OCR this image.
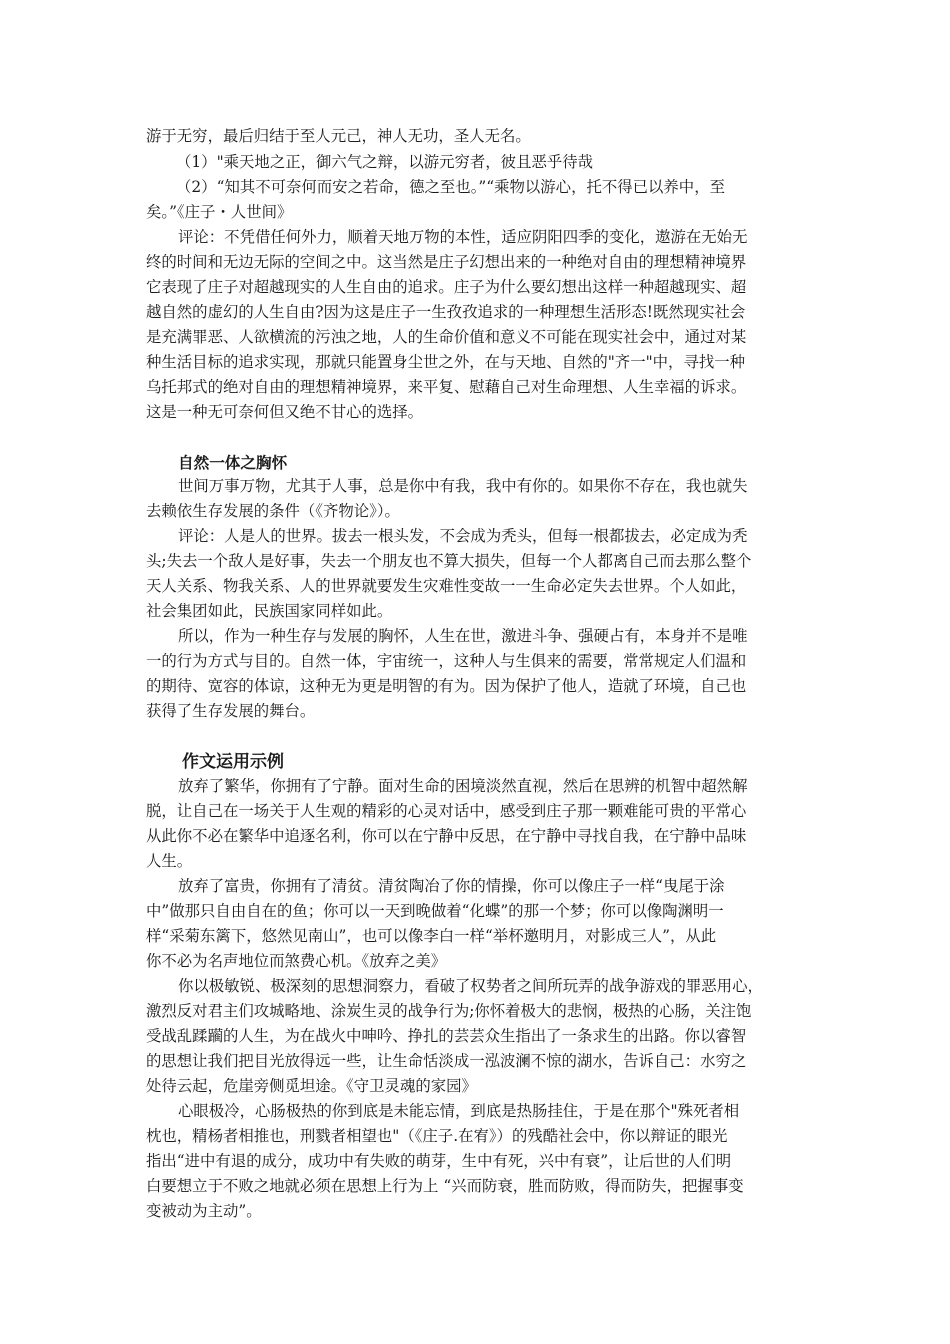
游于无穷，最后归结于至人元己，神人无功，圣人无名。
（1）"乘天地之正，御六气之辩，以游元穷者，彼且恶乎待哉
（2）“知其不可奈何而安之若命，德之至也。”“乘物以游心，托不得已以养中，至
矣。”《庄子・人世间》
评论：不凭借任何外力，顺着天地万物的本性，适应阴阳四季的变化，遨游在无始无
终的时间和无边无际的空间之中。这当然是庄子幻想出来的一种绝对自由的理想精神境界
它表现了庄子对超越现实的人生自由的追求。庄子为什么要幻想出这样一种超越现实、超
越自然的虚幻的人生自由?因为这是庄子一生孜孜追求的一种理想生活形态!既然现实社会
是充满罪恶、人欲横流的污浊之地，人的生命价值和意义不可能在现实社会中，通过对某
种生活目标的追求实现，那就只能置身尘世之外，在与天地、自然的"齐一"中，寻找一种
乌托邦式的绝对自由的理想精神境界，来平复、慰藉自己对生命理想、人生幸福的诉求。
这是一种无可奈何但又绝不甘心的选择。
自然一体之胸怀
世间万事万物，尤其于人事，总是你中有我，我中有你的。如果你不存在，我也就失
去赖依生存发展的条件（《齐物论》）。
评论：人是人的世界。拔去一根头发，不会成为秃头，但每一根都拔去，必定成为秃
头;失去一个敌人是好事，失去一个朋友也不算大损失，但每一个人都离自己而去那么整个
天人关系、物我关系、人的世界就要发生灾难性变故一一生命必定失去世界。个人如此，
社会集团如此，民族国家同样如此。
所以，作为一种生存与发展的胸怀，人生在世，激进斗争、强硬占有，本身并不是唯
一的行为方式与目的。自然一体，宇宙统一，这种人与生俱来的需要，常常规定人们温和
的期待、宽容的体谅，这种无为更是明智的有为。因为保护了他人，造就了环境，自己也
获得了生存发展的舞台。
作文运用示例
放弃了繁华，你拥有了宁静。面对生命的困境淡然直视，然后在思辨的机智中超然解
脱，让自己在一场关于人生观的精彩的心灵对话中，感受到庄子那一颗难能可贵的平常心
从此你不必在繁华中追逐名利，你可以在宁静中反思，在宁静中寻找自我，在宁静中品味
人生。
放弃了富贵，你拥有了清贫。清贫陶冶了你的情操，你可以像庄子一样“曳尾于涂
中”做那只自由自在的鱼；你可以一天到晚做着“化蝶”的那一个梦；你可以像陶渊明一
样“采菊东篱下，悠然见南山”，也可以像李白一样“举杯邀明月，对影成三人”，从此
你不必为名声地位而煞费心机。《放弃之美》
你以极敏锐、极深刻的思想洞察力，看破了权势者之间所玩弄的战争游戏的罪恶用心，
激烈反对君主们攻城略地、涂炭生灵的战争行为;你怀着极大的悲悯，极热的心肠，关注饱
受战乱蹂躏的人生，为在战火中呻吟、挣扎的芸芸众生指出了一条求生的出路。你以睿智
的思想让我们把目光放得远一些，让生命恬淡成一泓波澜不惊的湖水，告诉自己：水穷之
处待云起，危崖旁侧觅坦途。《守卫灵魂的家园》
心眼极冷，心肠极热的你到底是未能忘情，到底是热肠挂住，于是在那个"殊死者相
枕也，精杨者相推也，刑戮者相望也"（《庄子.在宥》）的残酷社会中，你以辩证的眼光
指出“进中有退的成分，成功中有失败的萌芽，生中有死，兴中有衰”，让后世的人们明
白要想立于不败之地就必须在思想上行为上 “兴而防衰，胜而防败，得而防失，把握事变
变被动为主动”。
